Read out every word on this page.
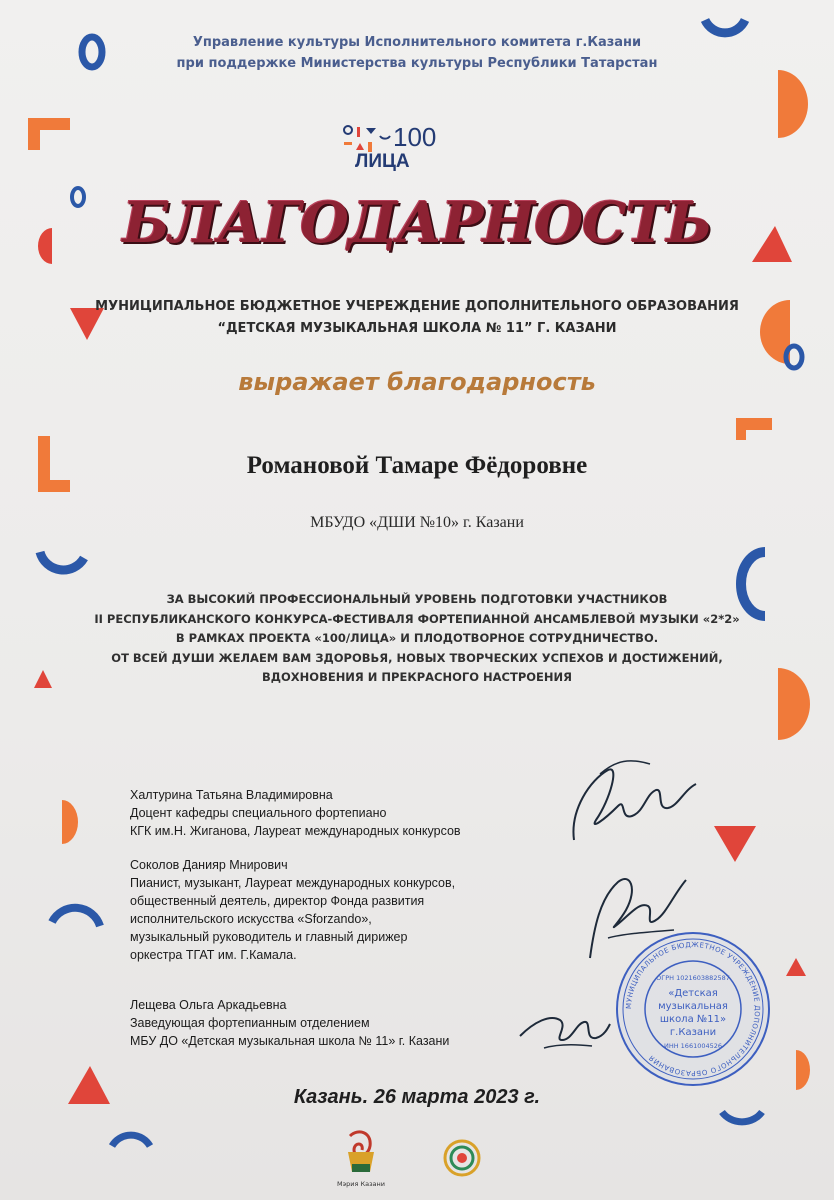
Управление культуры Исполнительного комитета г.Казани
при поддержке Министерства культуры Республики Татарстан
100
ЛИЦА
БЛАГОДАРНОСТЬ
МУНИЦИПАЛЬНОЕ БЮДЖЕТНОЕ УЧЕРЕЖДЕНИЕ ДОПОЛНИТЕЛЬНОГО ОБРАЗОВАНИЯ
“ДЕТСКАЯ МУЗЫКАЛЬНАЯ ШКОЛА № 11” Г. КАЗАНИ
выражает благодарность
Романовой Тамаре Фёдоровне
МБУДО «ДШИ №10» г. Казани
ЗА ВЫСОКИЙ ПРОФЕССИОНАЛЬНЫЙ УРОВЕНЬ ПОДГОТОВКИ УЧАСТНИКОВ
II РЕСПУБЛИКАНСКОГО КОНКУРСА-ФЕСТИВАЛЯ ФОРТЕПИАННОЙ АНСАМБЛЕВОЙ МУЗЫКИ «2*2»
В РАМКАХ ПРОЕКТА «100/ЛИЦА» И ПЛОДОТВОРНОЕ СОТРУДНИЧЕСТВО.
ОТ ВСЕЙ ДУШИ ЖЕЛАЕМ ВАМ ЗДОРОВЬЯ, НОВЫХ ТВОРЧЕСКИХ УСПЕХОВ И ДОСТИЖЕНИЙ,
ВДОХНОВЕНИЯ И ПРЕКРАСНОГО НАСТРОЕНИЯ
Халтурина Татьяна Владимировна
Доцент кафедры специального фортепиано
КГК им.Н. Жиганова, Лауреат международных конкурсов
Соколов Данияр Мнирович
Пианист, музыкант, Лауреат международных конкурсов,
общественный деятель, директор Фонда развития
исполнительского искусства «Sforzando»,
музыкальный руководитель и главный дирижер
оркестра ТГАТ им. Г.Камала.
Лещева Ольга Аркадьевна
Заведующая фортепианным отделением
МБУ ДО «Детская музыкальная школа № 11» г. Казани
МУНИЦИПАЛЬНОЕ БЮДЖЕТНОЕ УЧРЕЖДЕНИЕ ДОПОЛНИТЕЛЬНОГО ОБРАЗОВАНИЯ
ОГРН 1021603882587
«Детская
музыкальная
школа №11»
г.Казани
ИНН 1661004526
Казань. 26 марта 2023 г.
Мэрия Казани
